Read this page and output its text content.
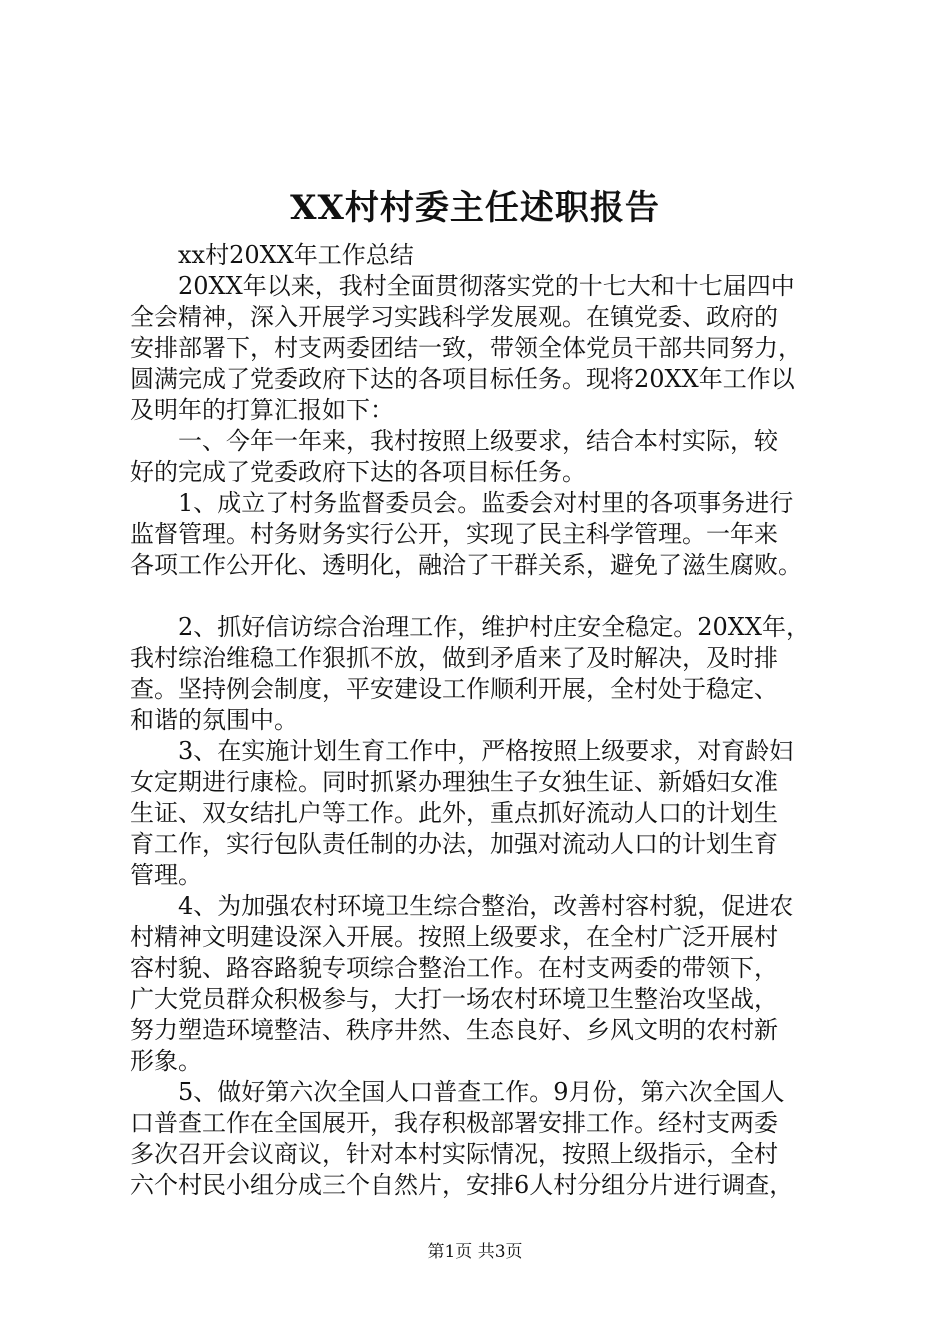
XX村村委主任述职报告
　　xx村20XX年工作总结
　　20XX年以来，我村全面贯彻落实党的十七大和十七届四中
全会精神，深入开展学习实践科学发展观。在镇党委、政府的
安排部署下，村支两委团结一致，带领全体党员干部共同努力，
圆满完成了党委政府下达的各项目标任务。现将20XX年工作以
及明年的打算汇报如下：
　　一、今年一年来，我村按照上级要求，结合本村实际，较
好的完成了党委政府下达的各项目标任务。
　　1、成立了村务监督委员会。监委会对村里的各项事务进行
监督管理。村务财务实行公开，实现了民主科学管理。一年来
各项工作公开化、透明化，融洽了干群关系，避免了滋生腐败。
　　2、抓好信访综合治理工作，维护村庄安全稳定。20XX年，
我村综治维稳工作狠抓不放，做到矛盾来了及时解决，及时排
查。坚持例会制度，平安建设工作顺利开展，全村处于稳定、
和谐的氛围中。
　　3、在实施计划生育工作中，严格按照上级要求，对育龄妇
女定期进行康检。同时抓紧办理独生子女独生证、新婚妇女准
生证、双女结扎户等工作。此外，重点抓好流动人口的计划生
育工作，实行包队责任制的办法，加强对流动人口的计划生育
管理。
　　4、为加强农村环境卫生综合整治，改善村容村貌，促进农
村精神文明建设深入开展。按照上级要求，在全村广泛开展村
容村貌、路容路貌专项综合整治工作。在村支两委的带领下，
广大党员群众积极参与，大打一场农村环境卫生整治攻坚战，
努力塑造环境整洁、秩序井然、生态良好、乡风文明的农村新
形象。
　　5、做好第六次全国人口普查工作。9月份，第六次全国人
口普查工作在全国展开，我存积极部署安排工作。经村支两委
多次召开会议商议，针对本村实际情况，按照上级指示，全村
六个村民小组分成三个自然片，安排6人村分组分片进行调查，
第1页 共3页
